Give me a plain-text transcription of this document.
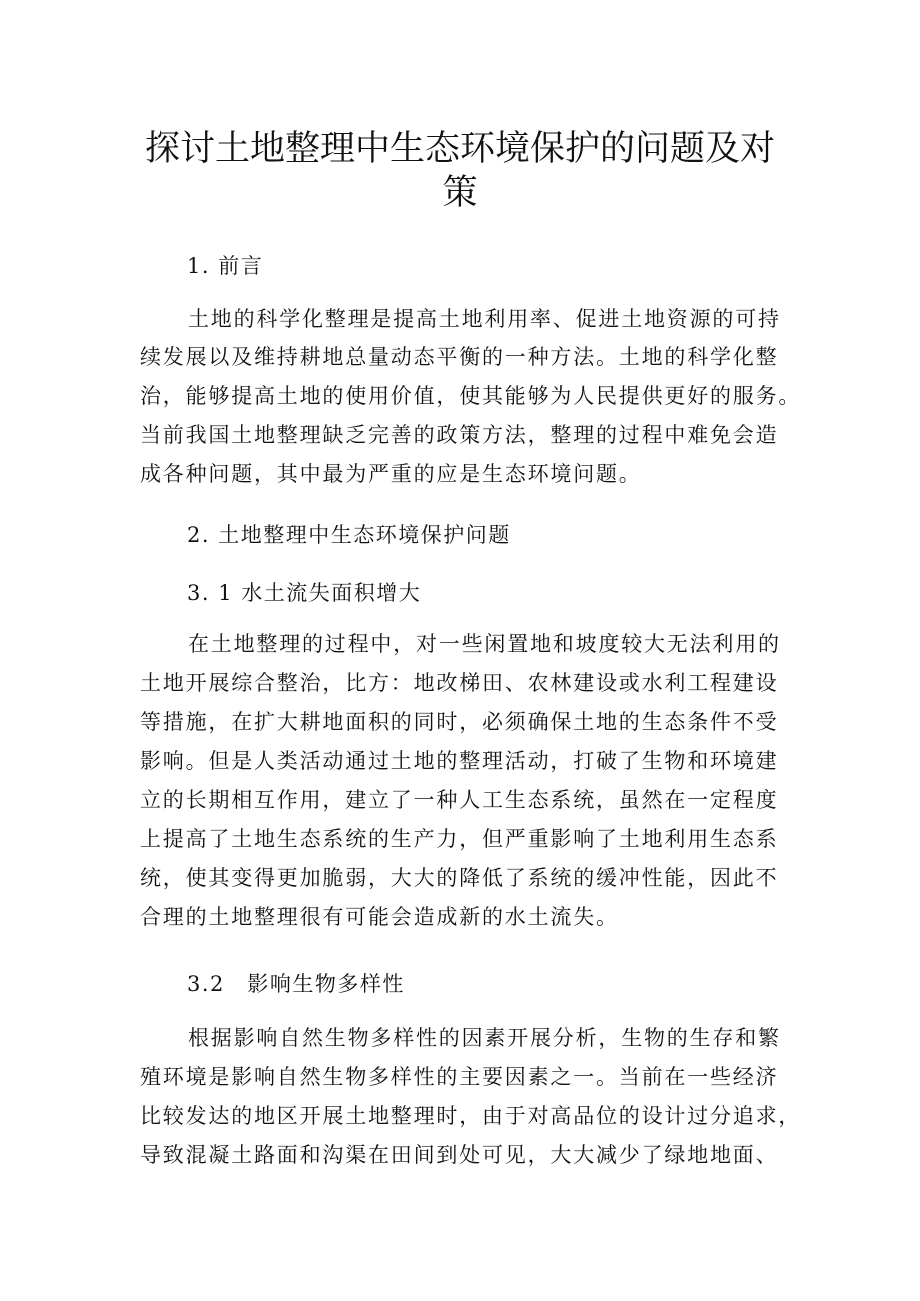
探讨土地整理中生态环境保护的问题及对
策
1. 前言
土地的科学化整理是提高土地利用率、促进土地资源的可持
续发展以及维持耕地总量动态平衡的一种方法。土地的科学化整
治，能够提高土地的使用价值，使其能够为人民提供更好的服务。
当前我国土地整理缺乏完善的政策方法，整理的过程中难免会造
成各种问题，其中最为严重的应是生态环境问题。
2. 土地整理中生态环境保护问题
3. 1 水土流失面积增大
在土地整理的过程中，对一些闲置地和坡度较大无法利用的
土地开展综合整治，比方：地改梯田、农林建设或水利工程建设
等措施，在扩大耕地面积的同时，必须确保土地的生态条件不受
影响。但是人类活动通过土地的整理活动，打破了生物和环境建
立的长期相互作用，建立了一种人工生态系统，虽然在一定程度
上提高了土地生态系统的生产力，但严重影响了土地利用生态系
统，使其变得更加脆弱，大大的降低了系统的缓冲性能，因此不
合理的土地整理很有可能会造成新的水土流失。
3.2　影响生物多样性
根据影响自然生物多样性的因素开展分析，生物的生存和繁
殖环境是影响自然生物多样性的主要因素之一。当前在一些经济
比较发达的地区开展土地整理时，由于对高品位的设计过分追求，
导致混凝土路面和沟渠在田间到处可见，大大减少了绿地地面、
